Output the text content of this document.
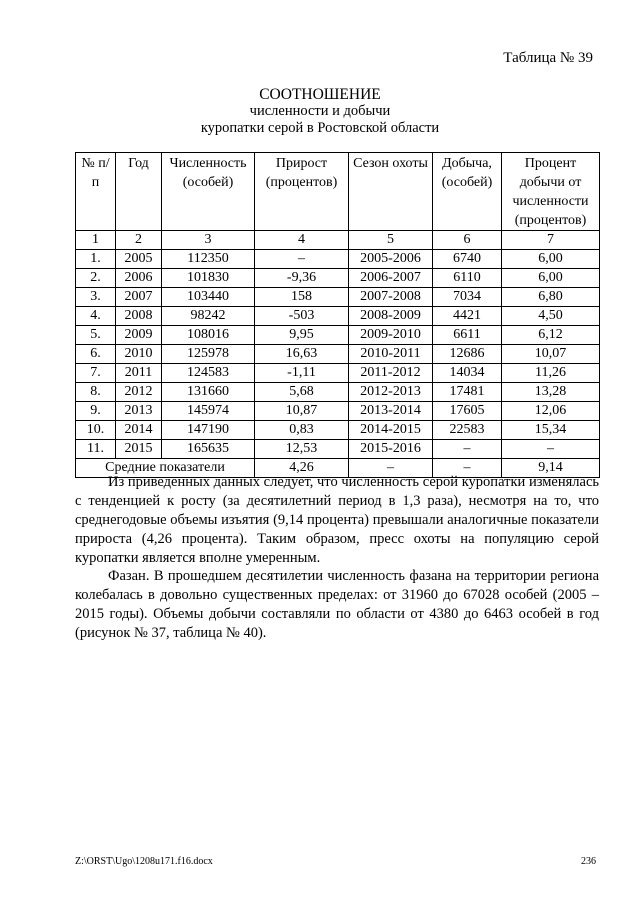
Таблица № 39
СООТНОШЕНИЕ
численности и добычи
куропатки серой в Ростовской области
№ п/п	Год	Численность (особей)	Прирост (процентов)	Сезон охоты	Добыча, (особей)	Процент добычи от численности (процентов)
1	2	3	4	5	6	7
1.	2005	112350	–	2005-2006	6740	6,00
2.	2006	101830	-9,36	2006-2007	6110	6,00
3.	2007	103440	158	2007-2008	7034	6,80
4.	2008	98242	-503	2008-2009	4421	4,50
5.	2009	108016	9,95	2009-2010	6611	6,12
6.	2010	125978	16,63	2010-2011	12686	10,07
7.	2011	124583	-1,11	2011-2012	14034	11,26
8.	2012	131660	5,68	2012-2013	17481	13,28
9.	2013	145974	10,87	2013-2014	17605	12,06
10.	2014	147190	0,83	2014-2015	22583	15,34
11.	2015	165635	12,53	2015-2016	–	–
Средние показатели			4,26	–	–	9,14
Из приведенных данных следует, что численность серой куропатки изменялась с тенденцией к росту (за десятилетний период в 1,3 раза), несмотря на то, что среднегодовые объемы изъятия (9,14 процента) превышали аналогичные показатели прироста (4,26 процента). Таким образом, пресс охоты на популяцию серой куропатки является вполне умеренным.
Фазан. В прошедшем десятилетии численность фазана на территории региона колебалась в довольно существенных пределах: от 31960 до 67028 особей (2005 – 2015 годы). Объемы добычи составляли по области от 4380 до 6463 особей в год (рисунок № 37, таблица № 40).
Z:\ORST\Ugo\1208u171.f16.docx	236
